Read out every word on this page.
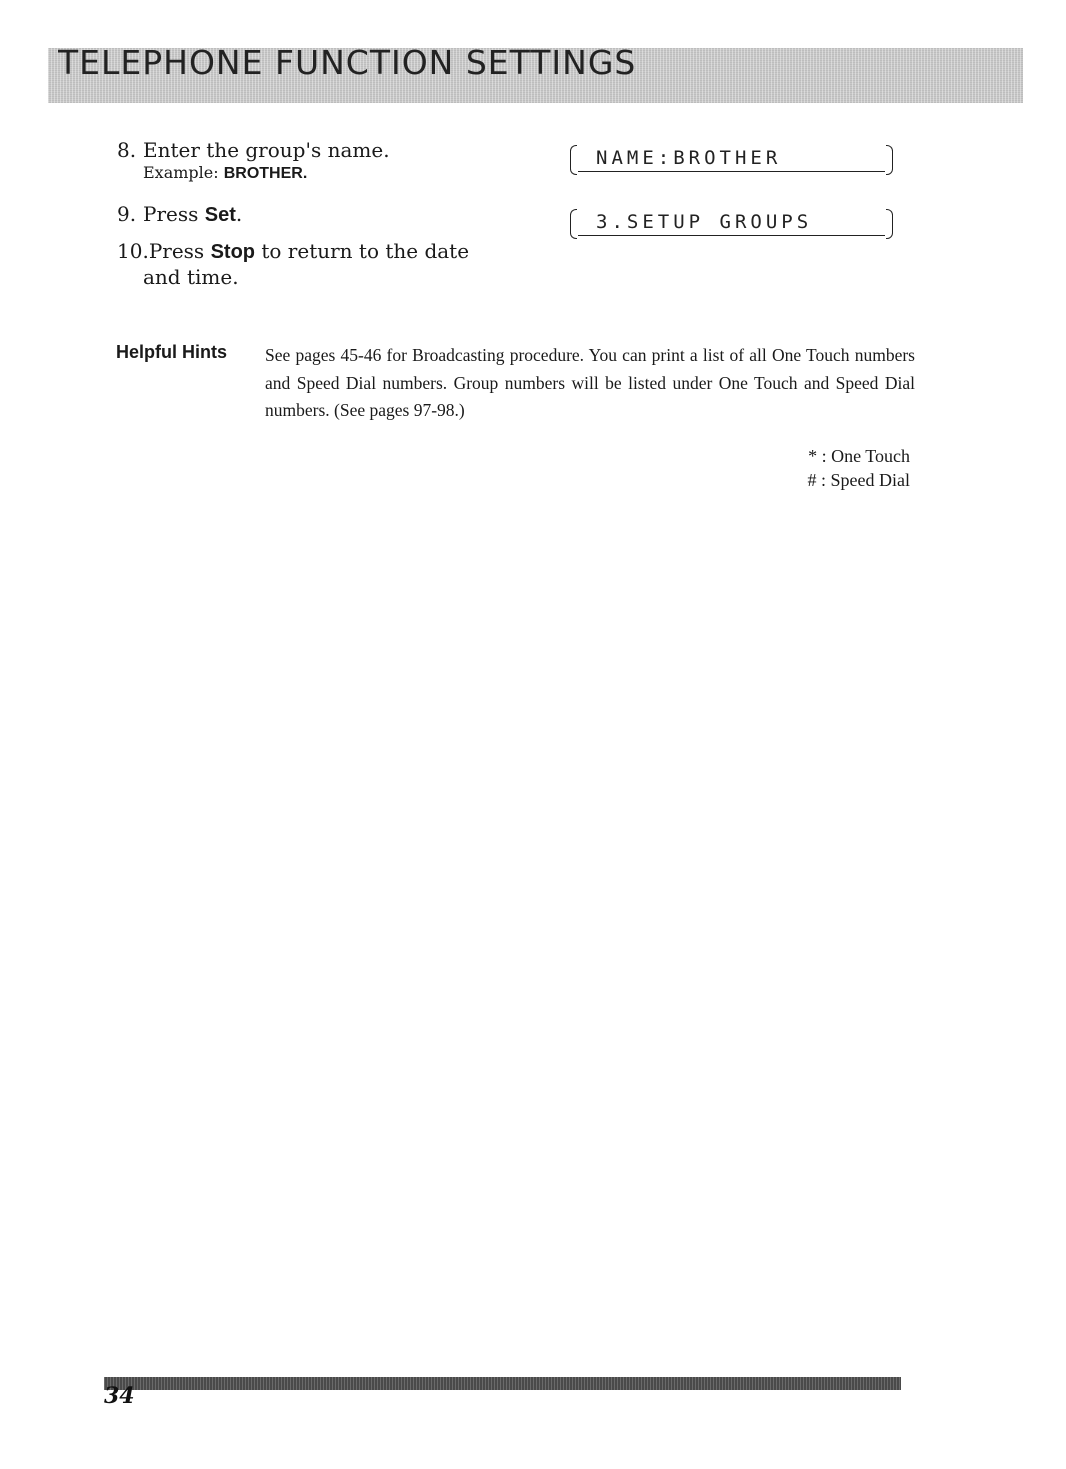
TELEPHONE FUNCTION SETTINGS
8. Enter the group's name.
Example: BROTHER.
9. Press Set.
10.Press Stop to return to the date
and time.
NAME:BROTHER
3.SETUP GROUPS
Helpful Hints See pages 45-46 for Broadcasting procedure. You can print a list of all One Touch numbers and Speed Dial numbers. Group numbers will be listed under One Touch and Speed Dial numbers. (See pages 97-98.)
* : One Touch
# : Speed Dial
34
